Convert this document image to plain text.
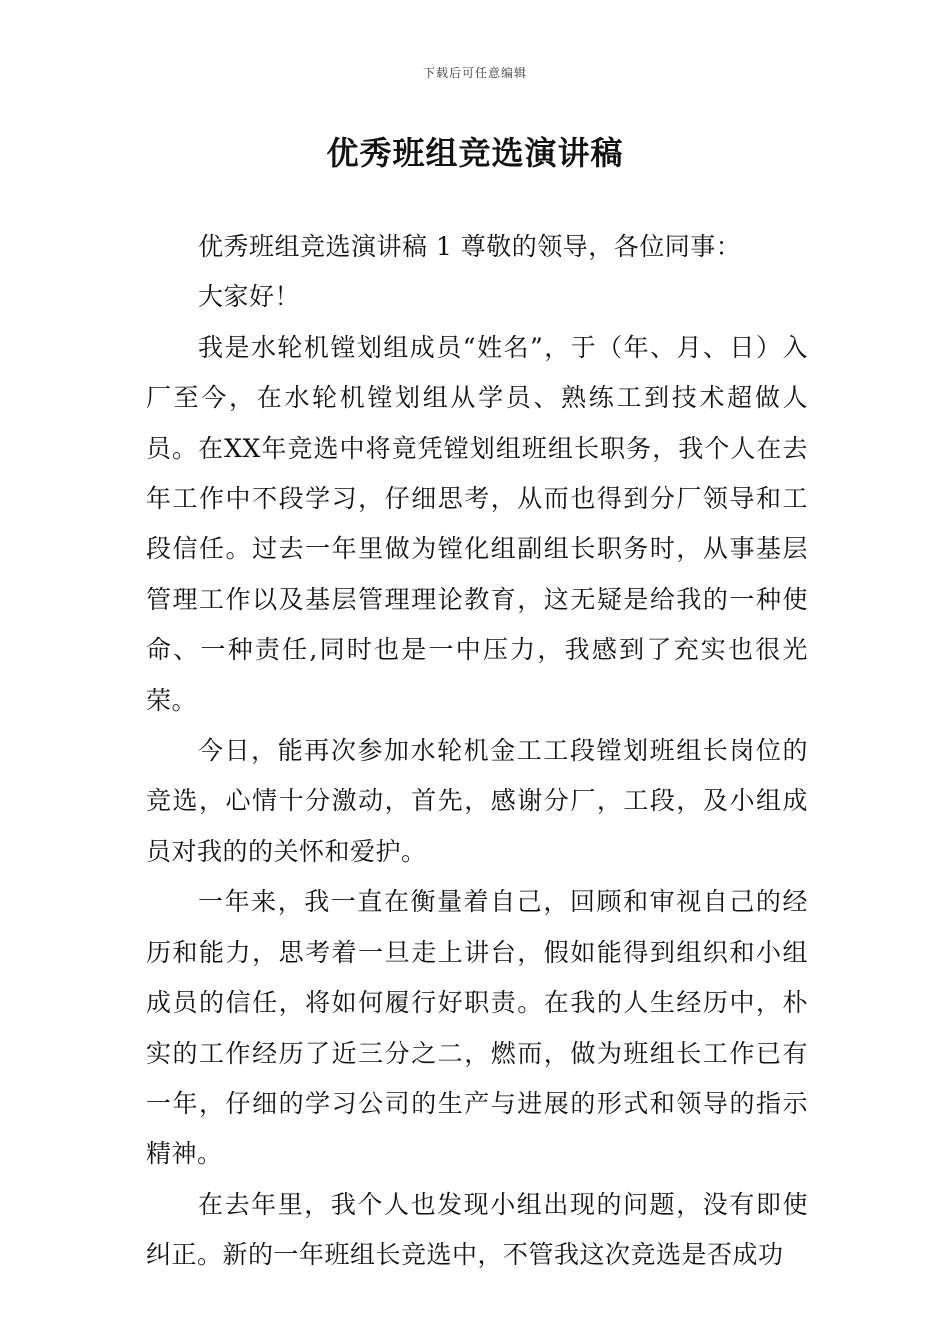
下载后可任意编辑
优秀班组竞选演讲稿

优秀班组竞选演讲稿 1 尊敬的领导，各位同事：

大家好！

我是水轮机镗划组成员“姓名”，于（年、月、日）入厂至今，在水轮机镗划组从学员、熟练工到技术超做人员。在XX年竞选中将竟凭镗划组班组长职务，我个人在去年工作中不段学习，仔细思考，从而也得到分厂领导和工段信任。过去一年里做为镗化组副组长职务时，从事基层管理工作以及基层管理理论教育，这无疑是给我的一种使命、一种责任,同时也是一中压力，我感到了充实也很光荣。

今日，能再次参加水轮机金工工段镗划班组长岗位的竞选，心情十分激动，首先，感谢分厂，工段，及小组成员对我的的关怀和爱护。

一年来，我一直在衡量着自己，回顾和审视自己的经历和能力，思考着一旦走上讲台，假如能得到组织和小组成员的信任，将如何履行好职责。在我的人生经历中，朴实的工作经历了近三分之二，燃而，做为班组长工作已有一年，仔细的学习公司的生产与进展的形式和领导的指示精神。

在去年里，我个人也发现小组出现的问题，没有即使纠正。新的一年班组长竞选中，不管我这次竞选是否成功
